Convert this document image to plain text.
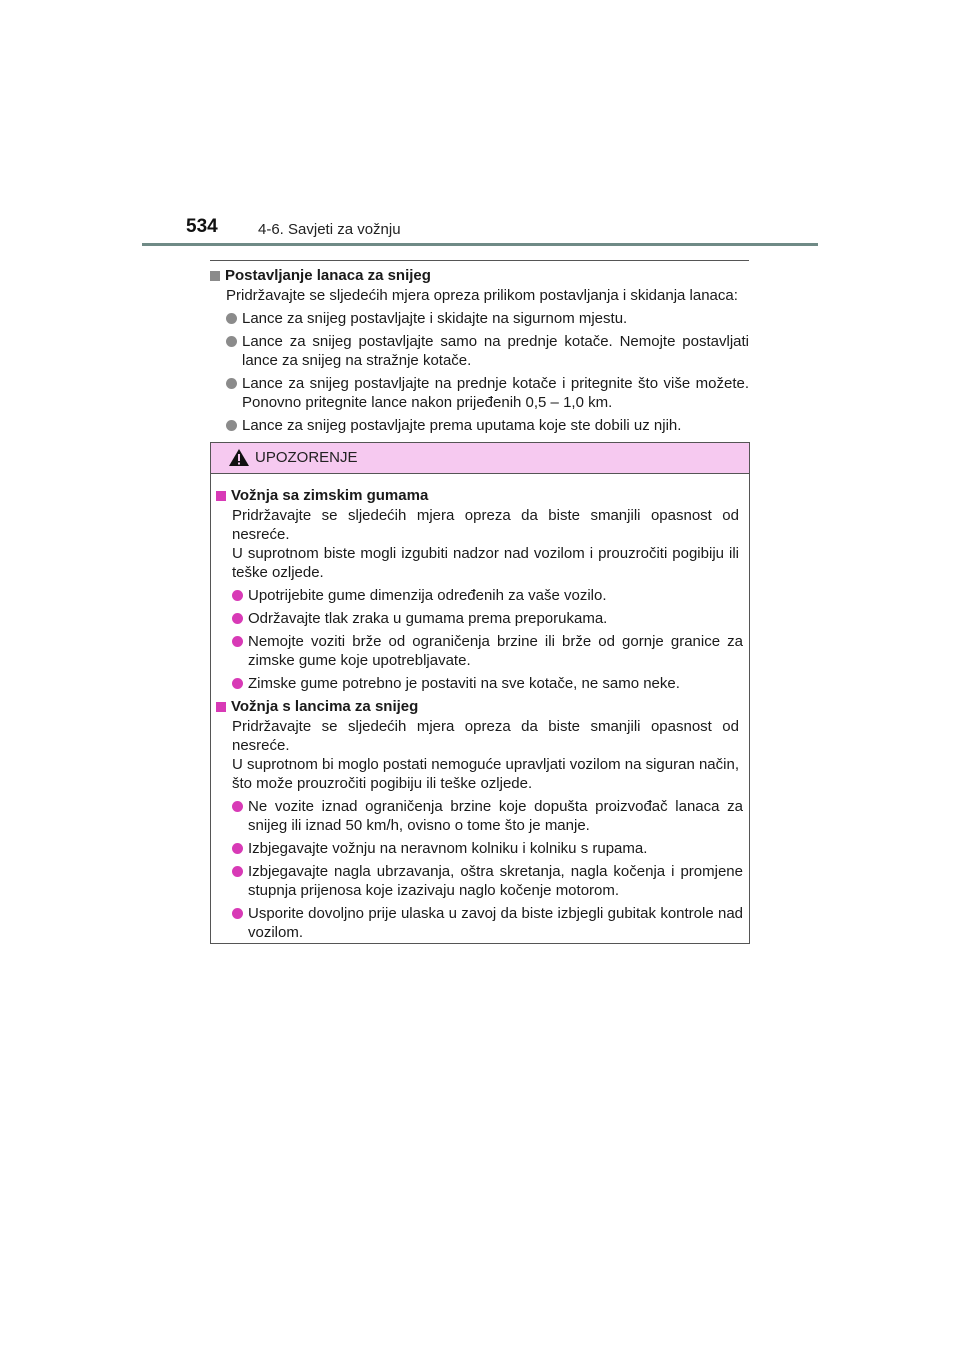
534	4-6. Savjeti za vožnju
Postavljanje lanaca za snijeg

Pridržavajte se sljedećih mjera opreza prilikom postavljanja i skidanja lanaca:

Lance za snijeg postavljajte i skidajte na sigurnom mjestu.
Lance za snijeg postavljajte samo na prednje kotače. Nemojte postavljati lance za snijeg na stražnje kotače.
Lance za snijeg postavljajte na prednje kotače i pritegnite što više možete. Ponovno pritegnite lance nakon prijeđenih 0,5 – 1,0 km.
Lance za snijeg postavljajte prema uputama koje ste dobili uz njih.
UPOZORENJE
Vožnja sa zimskim gumama

Pridržavajte se sljedećih mjera opreza da biste smanjili opasnost od nesreće.

U suprotnom biste mogli izgubiti nadzor nad vozilom i prouzročiti pogibiju ili teške ozljede.

Upotrijebite gume dimenzija određenih za vaše vozilo.
Održavajte tlak zraka u gumama prema preporukama.
Nemojte voziti brže od ograničenja brzine ili brže od gornje granice za zimske gume koje upotrebljavate.
Zimske gume potrebno je postaviti na sve kotače, ne samo neke.
Vožnja s lancima za snijeg

Pridržavajte se sljedećih mjera opreza da biste smanjili opasnost od nesreće.

U suprotnom bi moglo postati nemoguće upravljati vozilom na siguran način, što može prouzročiti pogibiju ili teške ozljede.

Ne vozite iznad ograničenja brzine koje dopušta proizvođač lanaca za snijeg ili iznad 50 km/h, ovisno o tome što je manje.
Izbjegavajte vožnju na neravnom kolniku i kolniku s rupama.
Izbjegavajte nagla ubrzavanja, oštra skretanja, nagla kočenja i promjene stupnja prijenosa koje izazivaju naglo kočenje motorom.
Usporite dovoljno prije ulaska u zavoj da biste izbjegli gubitak kontrole nad vozilom.
